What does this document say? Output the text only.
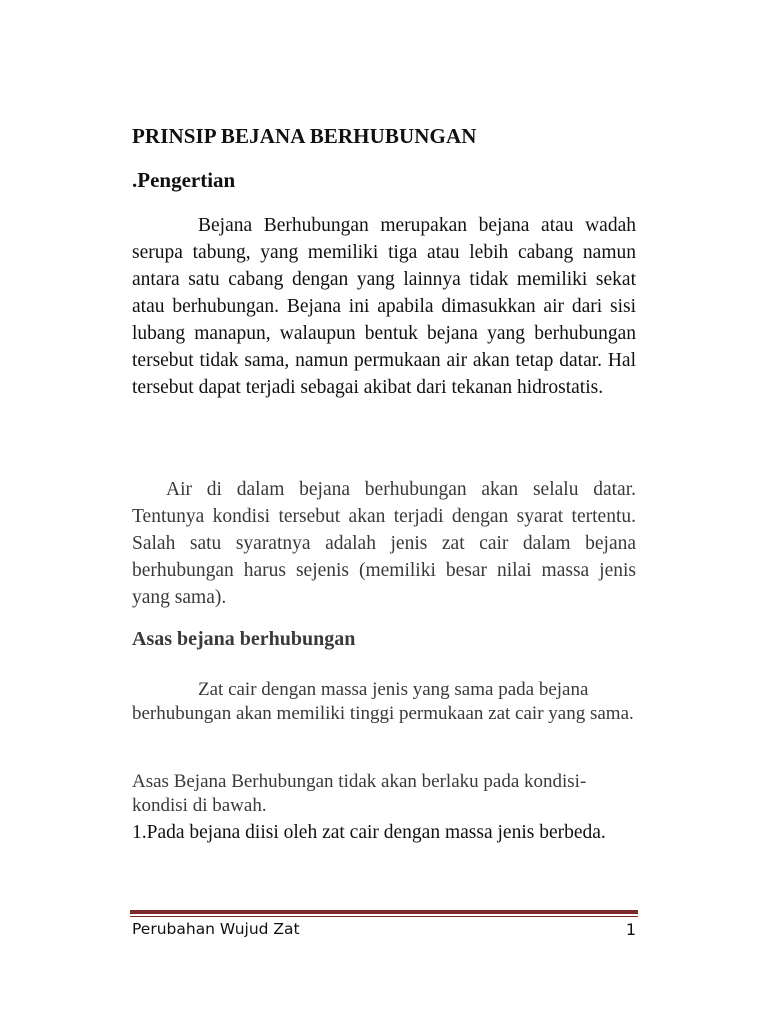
PRINSIP BEJANA BERHUBUNGAN
.Pengertian
Bejana Berhubungan merupakan bejana atau wadah serupa tabung, yang memiliki tiga atau lebih cabang namun antara satu cabang dengan yang lainnya tidak memiliki sekat atau berhubungan. Bejana ini apabila dimasukkan air dari sisi lubang manapun, walaupun bentuk bejana yang berhubungan tersebut tidak sama, namun permukaan air akan tetap datar. Hal tersebut dapat terjadi sebagai akibat dari tekanan hidrostatis.
Air di dalam bejana berhubungan akan selalu datar. Tentunya kondisi tersebut akan terjadi dengan syarat tertentu. Salah satu syaratnya adalah jenis zat cair dalam bejana berhubungan harus sejenis (memiliki besar nilai massa jenis yang sama).
Asas bejana berhubungan
Zat cair dengan massa jenis yang sama pada bejana berhubungan akan memiliki tinggi permukaan zat cair yang sama.
Asas Bejana Berhubungan tidak akan berlaku pada kondisi-kondisi di bawah.
1.Pada bejana diisi oleh zat cair dengan massa jenis berbeda.
Perubahan Wujud Zat	1
